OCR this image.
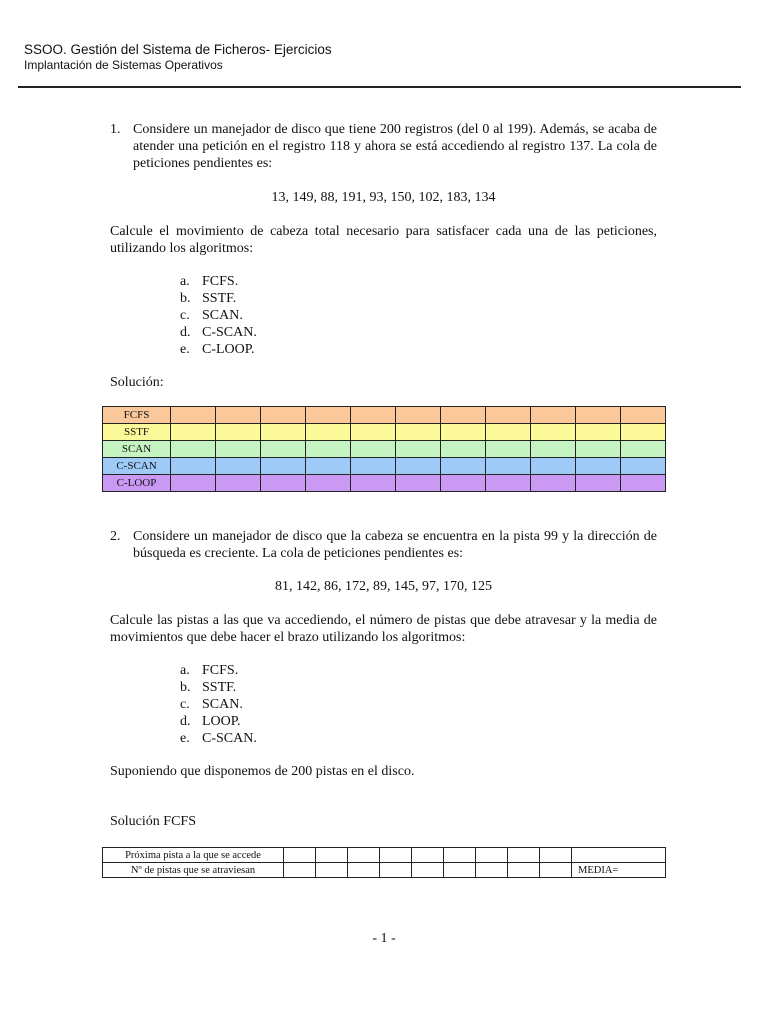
SSOO. Gestión del Sistema de Ficheros- Ejercicios
Implantación de Sistemas Operativos
1. Considere un manejador de disco que tiene 200 registros (del 0 al 199). Además, se acaba de atender una petición en el registro 118 y ahora se está accediendo al registro 137. La cola de peticiones pendientes es:
13, 149, 88, 191, 93, 150, 102, 183, 134
Calcule el movimiento de cabeza total necesario para satisfacer cada una de las peticiones, utilizando los algoritmos:
a. FCFS.
b. SSTF.
c. SCAN.
d. C-SCAN.
e. C-LOOP.
Solución:
FCFS											
SSTF											
SCAN											
C-SCAN											
C-LOOP											
2. Considere un manejador de disco que la cabeza se encuentra en la pista 99 y la dirección de búsqueda es creciente. La cola de peticiones pendientes es:
81, 142, 86, 172, 89, 145, 97, 170, 125
Calcule las pistas a las que va accediendo, el número de pistas que debe atravesar y la media de movimientos que debe hacer el brazo utilizando los algoritmos:
a. FCFS.
b. SSTF.
c. SCAN.
d. LOOP.
e. C-SCAN.
Suponiendo que disponemos de 200 pistas en el disco.
Solución FCFS
Próxima pista a la que se accede										
Nº de pistas que se atraviesan										MEDIA=
- 1 -
